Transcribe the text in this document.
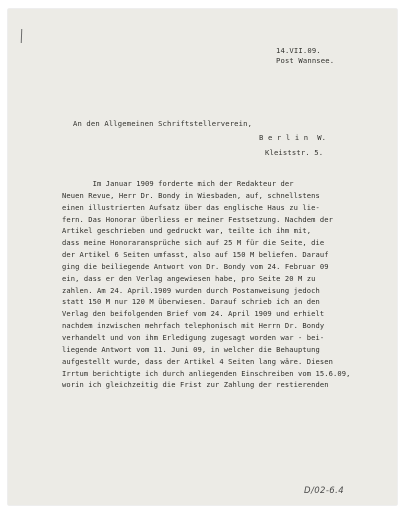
14.VII.09.
Post Wannsee.
An den Allgemeinen Schriftstellerverein,
B e r l i n  W.
Kleiststr. 5.
Im Januar 1909 forderte mich der Redakteur der
Neuen Revue, Herr Dr. Bondy in Wiesbaden, auf, schnellstens
einen illustrierten Aufsatz über das englische Haus zu lie-
fern. Das Honorar überliess er meiner Festsetzung. Nachdem der
Artikel geschrieben und gedruckt war, teilte ich ihm mit,
dass meine Honoraransprüche sich auf 25 M für die Seite, die
der Artikel 6 Seiten umfasst, also auf 150 M beliefen. Darauf
ging die beiliegende Antwort von Dr. Bondy vom 24. Februar 09
ein, dass er den Verlag angewiesen habe, pro Seite 20 M zu
zahlen. Am 24. April.1909 wurden durch Postanweisung jedoch
statt 150 M nur 120 M überwiesen. Darauf schrieb ich an den
Verlag den beifolgenden Brief vom 24. April 1909 und erhielt
nachdem inzwischen mehrfach telephonisch mit Herrn Dr. Bondy
verhandelt und von ihm Erledigung zugesagt worden war - bei-
liegende Antwort vom 11. Juni 09, in welcher die Behauptung
aufgestellt wurde, dass der Artikel 4 Seiten lang wäre. Diesen
Irrtum berichtigte ich durch anliegenden Einschreiben vom 15.6.09,
worin ich gleichzeitig die Frist zur Zahlung der restierenden
D/02-6.4
